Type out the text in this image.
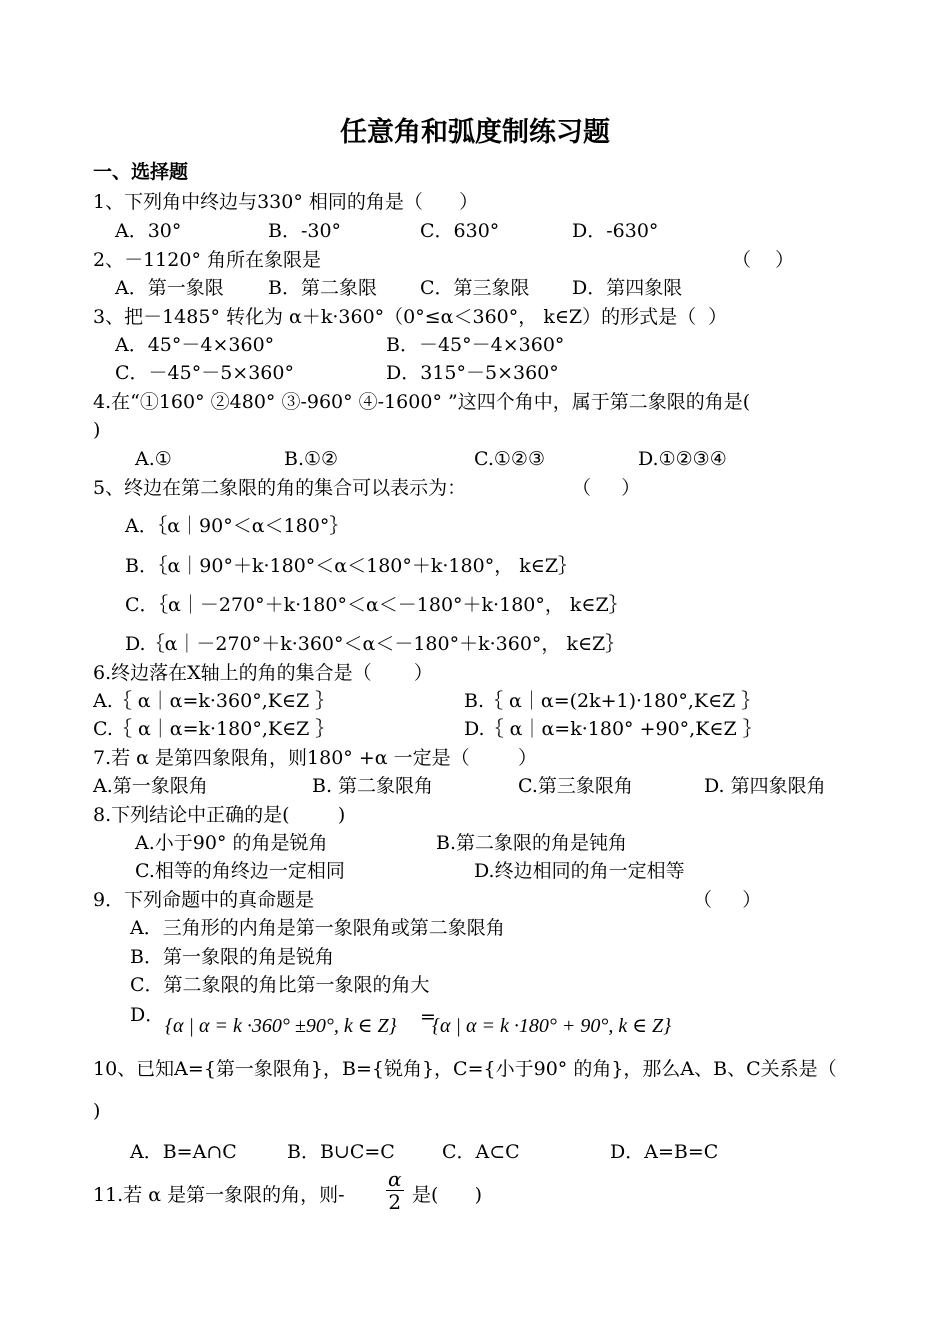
任意角和弧度制练习题
一、选择题
1、下列角中终边与330° 相同的角是（      ）
A．30°	B．-30°	C．630°	D．-630°
2、－1120° 角所在象限是	（    ）
A．第一象限 B．第二象限 C．第三象限 D．第四象限
3、把－1485° 转化为 α＋k·360°（0°≤α＜360°， k∈Z）的形式是（  ）
A．45°－4×360°	B．－45°－4×360°
C．－45°－5×360°	D．315°－5×360°
4.在“①160° ②480° ③-960° ④-1600° ”这四个角中，属于第二象限的角是(
)
A.①	B.①②	C.①②③	D.①②③④
5、终边在第二象限的角的集合可以表示为：	（     ）
A．｛α｜90°＜α＜180°｝
B．｛α｜90°＋k·180°＜α＜180°＋k·180°， k∈Z｝
C．｛α｜－270°＋k·180°＜α＜－180°＋k·180°， k∈Z｝
D.｛α｜－270°＋k·360°＜α＜－180°＋k·360°， k∈Z｝
6.终边落在X轴上的角的集合是（       ）
A.｛ α｜α=k·360°,K∈Z ｝	B.｛ α｜α=(2k+1)·180°,K∈Z ｝
C.｛ α｜α=k·180°,K∈Z ｝	D.｛ α｜α=k·180° +90°,K∈Z ｝
7.若 α 是第四象限角，则180° +α 一定是（        ）
A.第一象限角	B. 第二象限角	C.第三象限角	D. 第四象限角
8.下列结论中正确的是(        )
A.小于90° 的角是锐角	B.第二象限的角是钝角
C.相等的角终边一定相同	D.终边相同的角一定相等
9．下列命题中的真命题是	（     ）
A．三角形的内角是第一象限角或第二象限角
B．第一象限的角是锐角
C．第二象限的角比第一象限的角大
D． {α | α = k ·360° ±90°, k ∈ Z} =
{α | α = k ·180° + 90°, k ∈ Z}
10、已知A={第一象限角}，B={锐角}，C={小于90° 的角}，那么A、B、C关系是（
)
A．B=A∩C	B．B∪C=C C．A⊂C	D．A=B=C
11.若 α 是第一象限的角，则- $\frac{\alpha}{2}$ 是(      )
